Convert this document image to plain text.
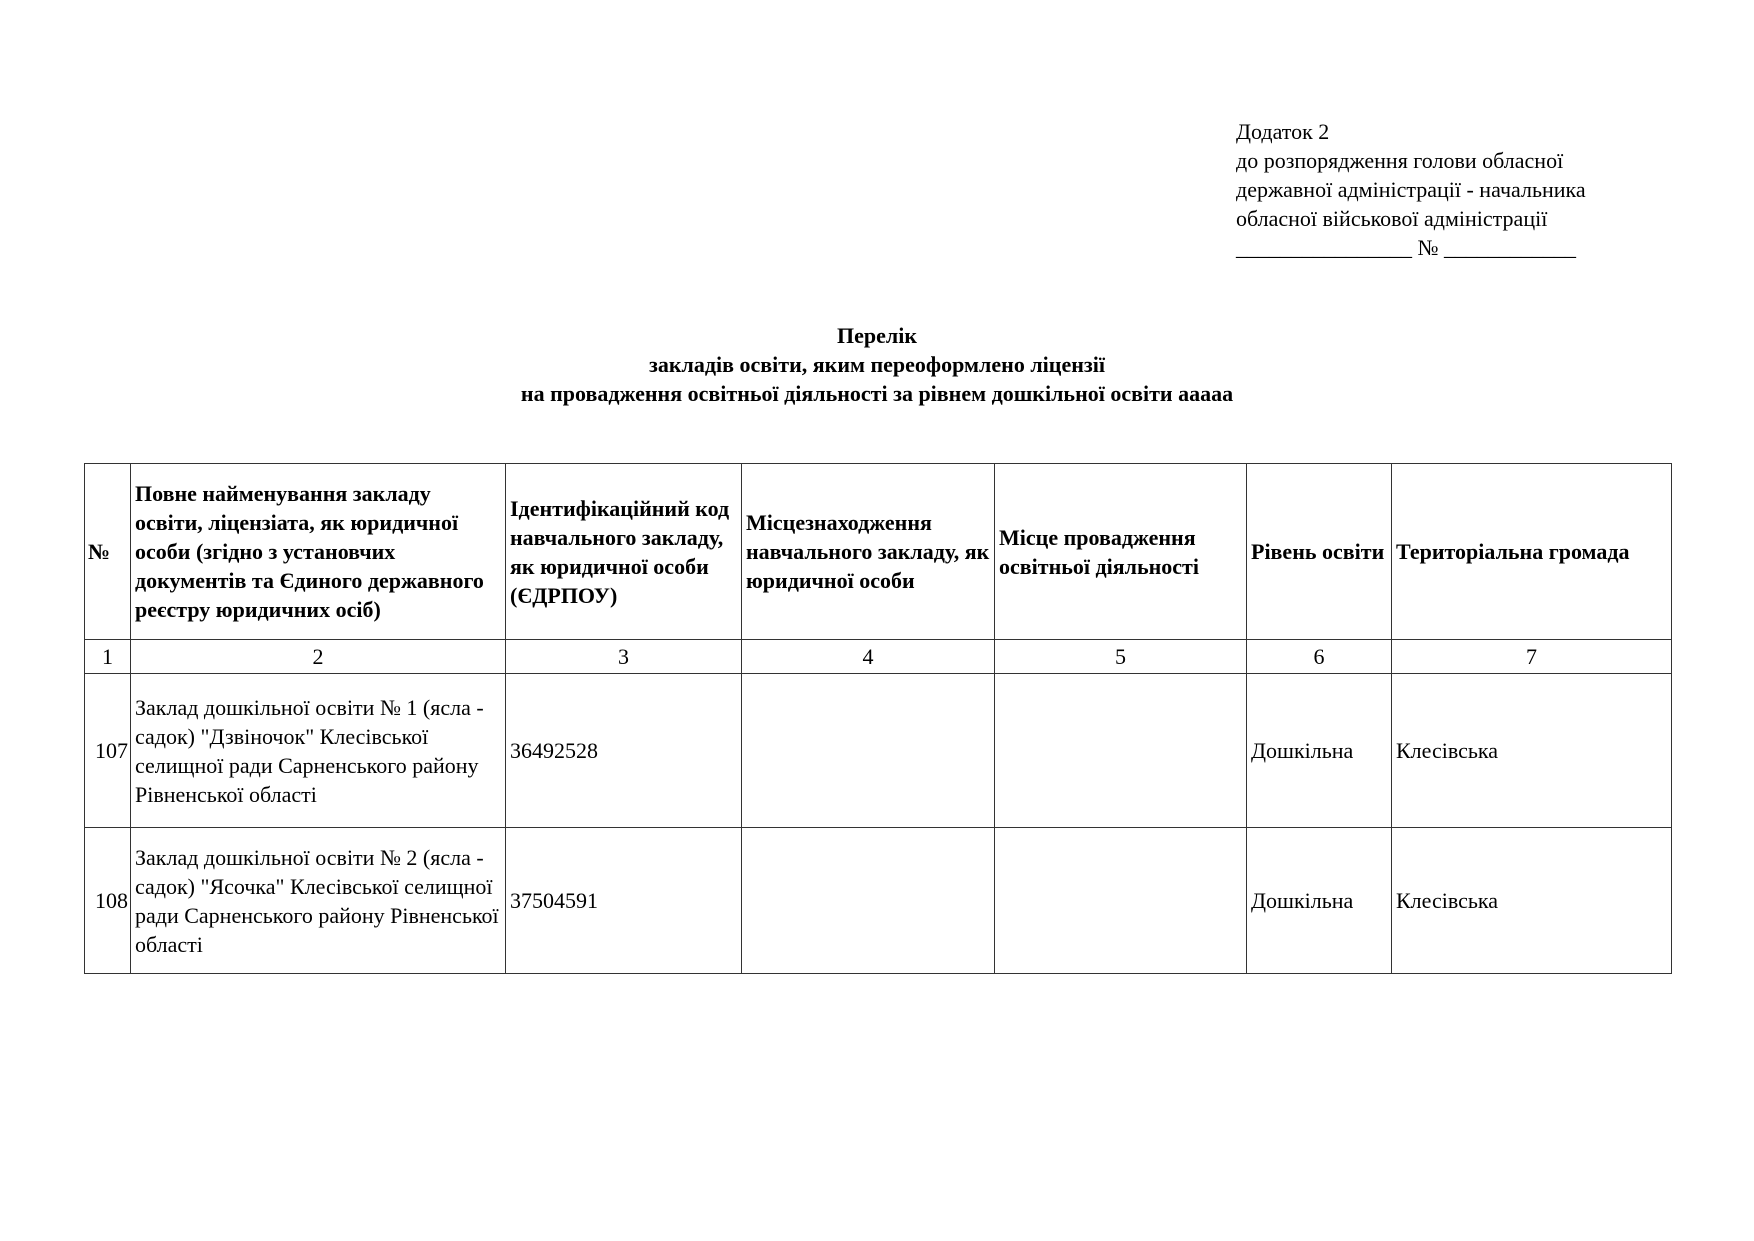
Додаток 2
до розпорядження голови обласної
державної адміністрації - начальника
обласної військової адміністрації
________________ № ____________
Перелік
закладів освіти, яким переоформлено ліцензії
на провадження освітньої діяльності за рівнем дошкільної освіти ааааа
№	Повне найменування закладу освіти, ліцензіата, як юридичної особи (згідно з установчих документів та Єдиного державного реєстру юридичних осіб)	Ідентифікаційний код навчального закладу, як юридичної особи (ЄДРПОУ)	Місцезнаходження навчального закладу, як юридичної особи	Місце провадження освітньої діяльності	Рівень освіти	Територіальна громада
1	2	3	4	5	6	7
107	Заклад дошкільної освіти № 1 (ясла - садок) "Дзвіночок" Клесівської селищної ради Сарненського району Рівненської області	36492528			Дошкільна	Клесівська
108	Заклад дошкільної освіти № 2 (ясла - садок) "Ясочка" Клесівської селищної ради Сарненського району Рівненської області	37504591			Дошкільна	Клесівська
